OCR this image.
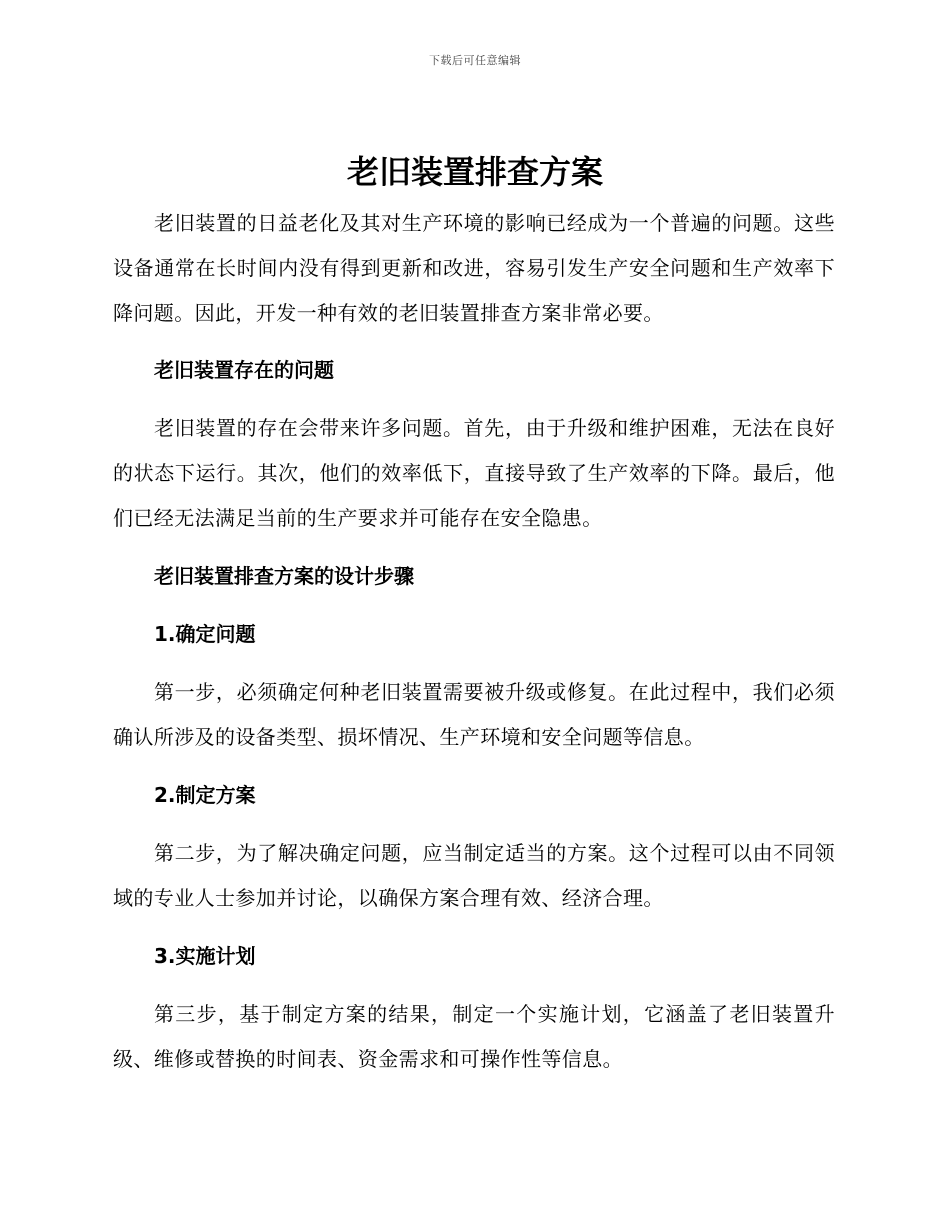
下载后可任意编辑
老旧装置排查方案

老旧装置的日益老化及其对生产环境的影响已经成为一个普遍的问题。这些设备通常在长时间内没有得到更新和改进，容易引发生产安全问题和生产效率下降问题。因此，开发一种有效的老旧装置排查方案非常必要。

老旧装置存在的问题

老旧装置的存在会带来许多问题。首先，由于升级和维护困难，无法在良好的状态下运行。其次，他们的效率低下，直接导致了生产效率的下降。最后，他们已经无法满足当前的生产要求并可能存在安全隐患。

老旧装置排查方案的设计步骤
1.确定问题

第一步，必须确定何种老旧装置需要被升级或修复。在此过程中，我们必须确认所涉及的设备类型、损坏情况、生产环境和安全问题等信息。

2.制定方案

第二步，为了解决确定问题，应当制定适当的方案。这个过程可以由不同领域的专业人士参加并讨论，以确保方案合理有效、经济合理。

3.实施计划

第三步，基于制定方案的结果，制定一个实施计划，它涵盖了老旧装置升级、维修或替换的时间表、资金需求和可操作性等信息。
